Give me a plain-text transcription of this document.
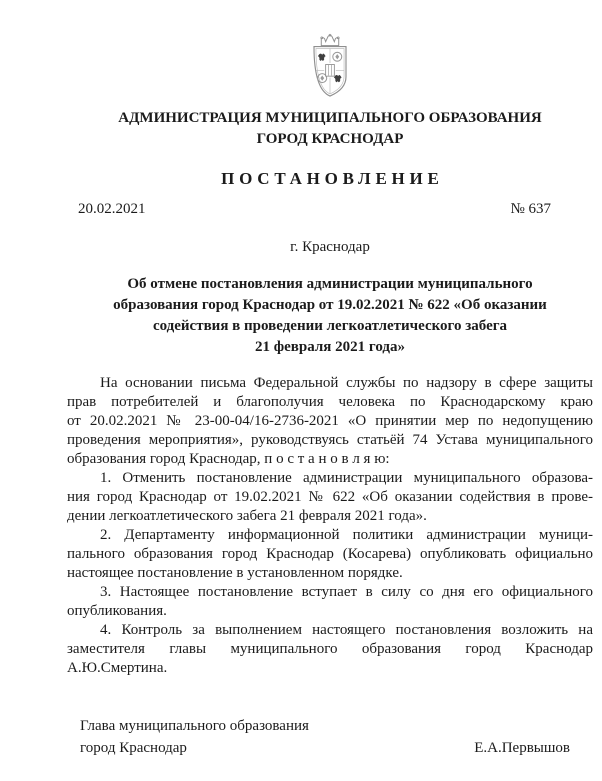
АДМИНИСТРАЦИЯ МУНИЦИПАЛЬНОГО ОБРАЗОВАНИЯ
ГОРОД КРАСНОДАР
ПОСТАНОВЛЕНИЕ
20.02.2021	№ 637
г. Краснодар
Об отмене постановления администрации муниципального
образования город Краснодар от 19.02.2021 № 622 «Об оказании
содействия в проведении легкоатлетического забега
21 февраля 2021 года»
На основании письма Федеральной службы по надзору в сфере защиты
прав потребителей и благополучия человека по Краснодарскому краю
от 20.02.2021 № 23-00-04/16-2736-2021 «О принятии мер по недопущению
проведения мероприятия», руководствуясь статьёй 74 Устава муниципального
образования город Краснодар, п о с т а н о в л я ю:
1. Отменить постановление администрации муниципального образова-
ния город Краснодар от 19.02.2021 № 622 «Об оказании содействия в прове-
дении легкоатлетического забега 21 февраля 2021 года».
2. Департаменту информационной политики администрации муници-
пального образования город Краснодар (Косарева) опубликовать официально
настоящее постановление в установленном порядке.
3. Настоящее постановление вступает в силу со дня его официального
опубликования.
4. Контроль за выполнением настоящего постановления возложить на
заместителя главы муниципального образования город Краснодар
А.Ю.Смертина.
Глава муниципального образования
город Краснодар	Е.А.Первышов
